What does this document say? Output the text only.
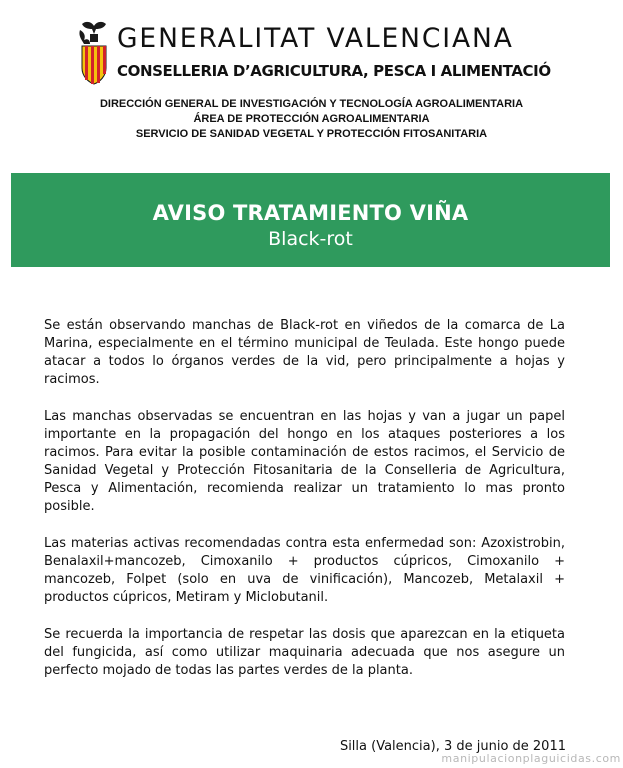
GENERALITAT VALENCIANA
CONSELLERIA D’AGRICULTURA, PESCA I ALIMENTACIÓ
DIRECCIÓN GENERAL DE INVESTIGACIÓN Y TECNOLOGÍA AGROALIMENTARIA
ÁREA DE PROTECCIÓN AGROALIMENTARIA
SERVICIO DE SANIDAD VEGETAL Y PROTECCIÓN FITOSANITARIA
AVISO TRATAMIENTO VIÑA
Black-rot

Se están observando manchas de Black-rot en viñedos de la comarca de La Marina, especialmente en el término municipal de Teulada. Este hongo puede atacar a todos lo órganos verdes de la vid, pero principalmente a hojas y racimos.

Las manchas observadas se encuentran en las hojas y van a jugar un papel importante en la propagación del hongo en los ataques posteriores a los racimos. Para evitar la posible contaminación de estos racimos, el Servicio de Sanidad Vegetal y Protección Fitosanitaria de la Conselleria de Agricultura, Pesca y Alimentación, recomienda realizar un tratamiento lo mas pronto posible.

Las materias activas recomendadas contra esta enfermedad son: Azoxistrobin, Benalaxil+mancozeb, Cimoxanilo + productos cúpricos, Cimoxanilo + mancozeb, Folpet (solo en uva de vinificación), Mancozeb, Metalaxil + productos cúpricos, Metiram y Miclobutanil.

Se recuerda la importancia de respetar las dosis que aparezcan en la etiqueta del fungicida, así como utilizar maquinaria adecuada que nos asegure un perfecto mojado de todas las partes verdes de la planta.

Silla (Valencia), 3 de junio de 2011
manipulacionplaguicidas.com
